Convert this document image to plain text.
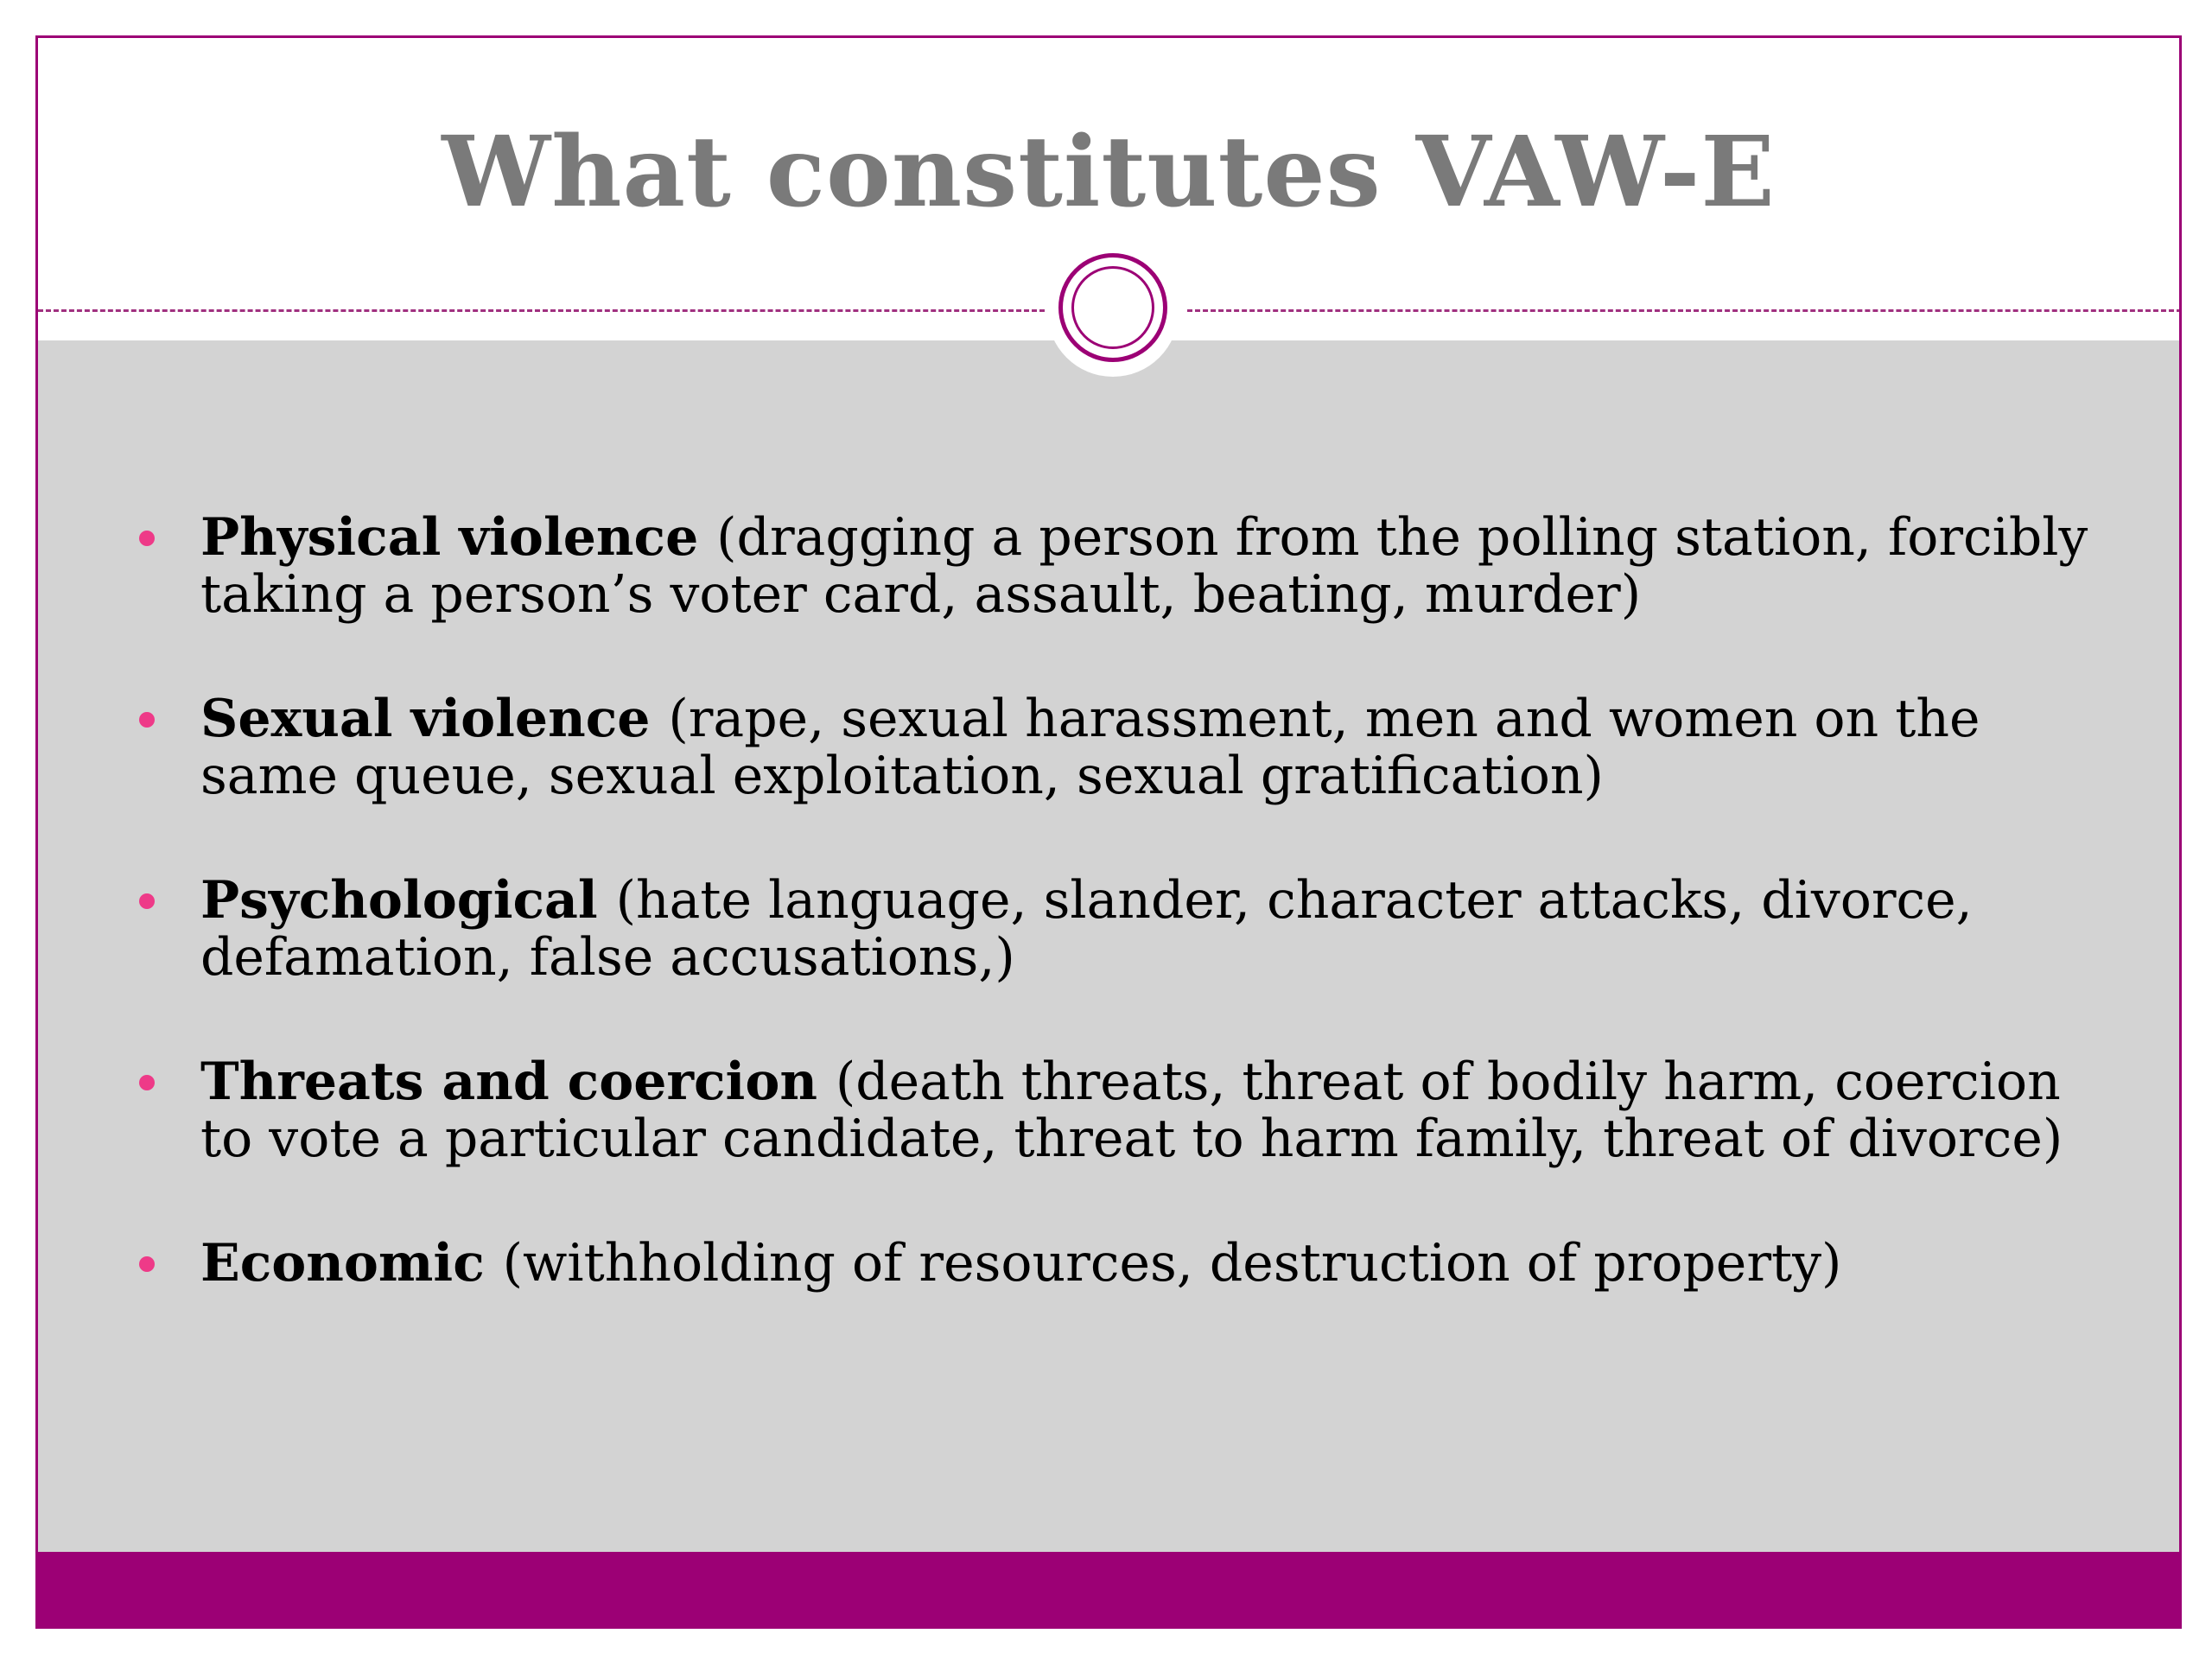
What constitutes VAW-E
Physical violence (dragging a person from the polling station, forcibly taking a person’s voter card, assault, beating, murder)
Sexual violence (rape, sexual harassment, men and women on the same queue, sexual exploitation, sexual gratification)
Psychological (hate language, slander, character attacks, divorce, defamation, false accusations,)
Threats and coercion (death threats, threat of bodily harm, coercion to vote a particular candidate, threat to harm family, threat of divorce)
Economic (withholding of resources, destruction of property)
